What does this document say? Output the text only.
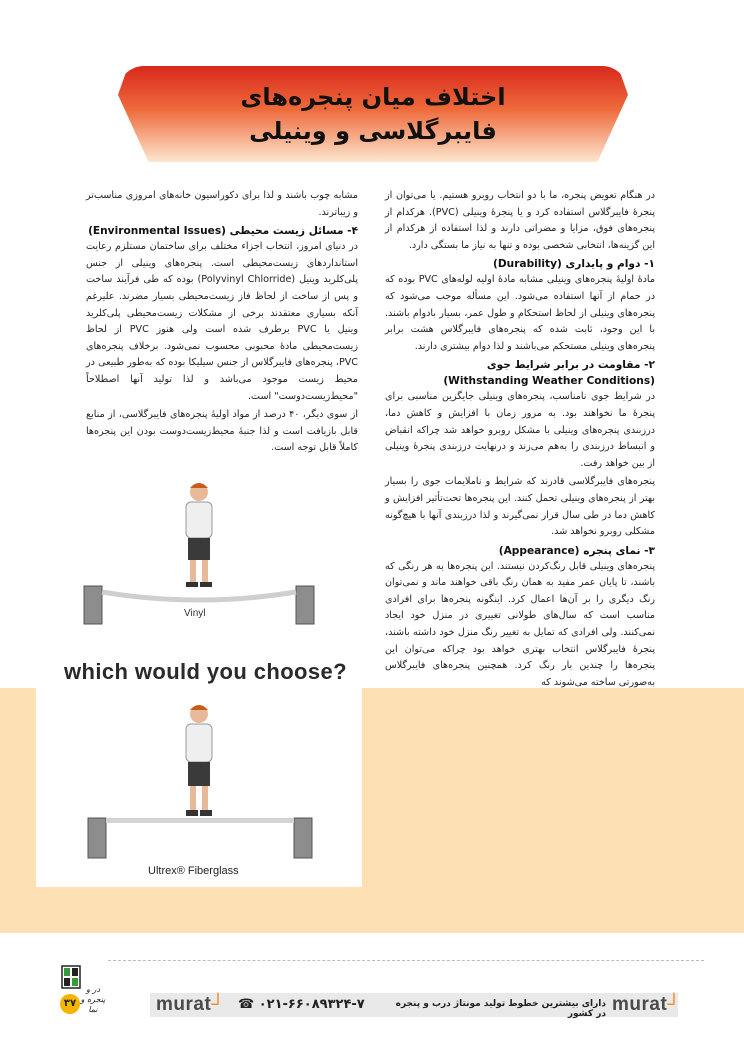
اختلاف میان پنجره‌های
فایبرگلاسی و وینیلی

در هنگام تعویض پنجره، ما با دو انتخاب روبرو هستیم. یا می‌توان از پنجرهٔ فایبرگلاس استفاده کرد و یا پنجرهٔ وینیلی (PVC). هرکدام از پنجره‌های فوق، مزایا و مضراتی دارند و لذا استفاده از هرکدام از این گزینه‌ها، انتخابی شخصی بوده و تنها به نیاز ما بستگی دارد.

۱- دوام و پایداری (Durability)

مادهٔ اولیهٔ پنجره‌های وینیلی مشابه مادهٔ اولیه لوله‌های PVC بوده که در حمام از آنها استفاده می‌شود. این مسأله موجب می‌شود که پنجره‌های وینیلی از لحاظ استحکام و طول عمر، بسیار بادوام باشند. با این وجود، ثابت شده که پنجره‌های فایبرگلاس هشت برابر پنجره‌های وینیلی مستحکم می‌باشند و لذا دوام بیشتری دارند.

۲- مقاومت در برابر شرایط جوی
(Withstanding Weather Conditions)

در شرایط جوی نامناسب، پنجره‌های وینیلی جایگزین مناسبی برای پنجرهٔ ما نخواهند بود. به مرور زمان با افزایش و کاهش دما، درزبندی پنجره‌های وینیلی با مشکل روبرو خواهد شد چراکه انقباض و انبساط درزبندی را به‌هم می‌زند و درنهایت درزبندی پنجرهٔ وینیلی از بین خواهد رفت.

پنجره‌های فایبرگلاسی قادرند که شرایط و ناملایمات جوی را بسیار بهتر از پنجره‌های وینیلی تحمل کنند. این پنجره‌ها تحت‌تأثیر افزایش و کاهش دما در طی سال قرار نمی‌گیرند و لذا درزبندی آنها با هیچ‌گونه مشکلی روبرو نخواهد شد.

۳- نمای پنجره (Appearance)

پنجره‌های وینیلی قابل رنگ‌کردن نیستند. این پنجره‌ها به هر رنگی که باشند، تا پایان عمر مفید به همان رنگ باقی خواهند ماند و نمی‌توان رنگ دیگری را بر آن‌ها اعمال کرد. اینگونه پنجره‌ها برای افرادی مناسب است که سال‌های طولانی تغییری در منزل خود ایجاد نمی‌کنند. ولی افرادی که تمایل به تغییر رنگ منزل خود داشته باشند، پنجرهٔ فایبرگلاس انتخاب بهتری خواهد بود چراکه می‌توان این پنجره‌ها را چندین بار رنگ کرد. همچنین پنجره‌های فایبرگلاس به‌صورتی ساخته می‌شوند که

مشابه چوب باشند و لذا برای دکوراسیون خانه‌های امروزی مناسب‌تر و زیباترند.

۴- مسائل زیست محیطی (Environmental Issues)

در دنیای امروز، انتخاب اجزاء مختلف برای ساختمان مستلزم رعایت استانداردهای زیست‌محیطی است. پنجره‌های وینیلی از جنس پلی‌کلرید وینیل (Polyvinyl Chlorride) بوده که طی فرآیند ساخت و پس از ساخت از لحاظ فاز زیست‌محیطی بسیار مضرند. علیرغم آنکه بسیاری معتقدند برخی از مشکلات زیست‌محیطی پلی‌کلرید وینیل یا PVC برطرف شده است ولی هنوز PVC از لحاظ زیست‌محیطی مادهٔ محبوبی محسوب نمی‌شود. برخلاف پنجره‌های PVC، پنجره‌های فایبرگلاس از جنس سیلیکا بوده که به‌طور طبیعی در محیط زیست موجود می‌باشد و لذا تولید آنها اصطلاحاً "محیط‌زیست‌دوست" است.

از سوی دیگر، ۴۰ درصد از مواد اولیهٔ پنجره‌های فایبرگلاسی، از منابع قابل بازیافت است و لذا جنبهٔ محیط‌زیست‌دوست بودن این پنجره‌ها کاملاً قابل توجه است.

Vinyl
which would you choose?
Ultrex® Fiberglass
murat┘ ☎ ۰۲۱-۶۶۰۸۹۳۲۴-۷	دارای بیشترین خطوط تولید مونتاژ درب و پنجره در کشور murat┘
در و پنجره و نما
۳۷
